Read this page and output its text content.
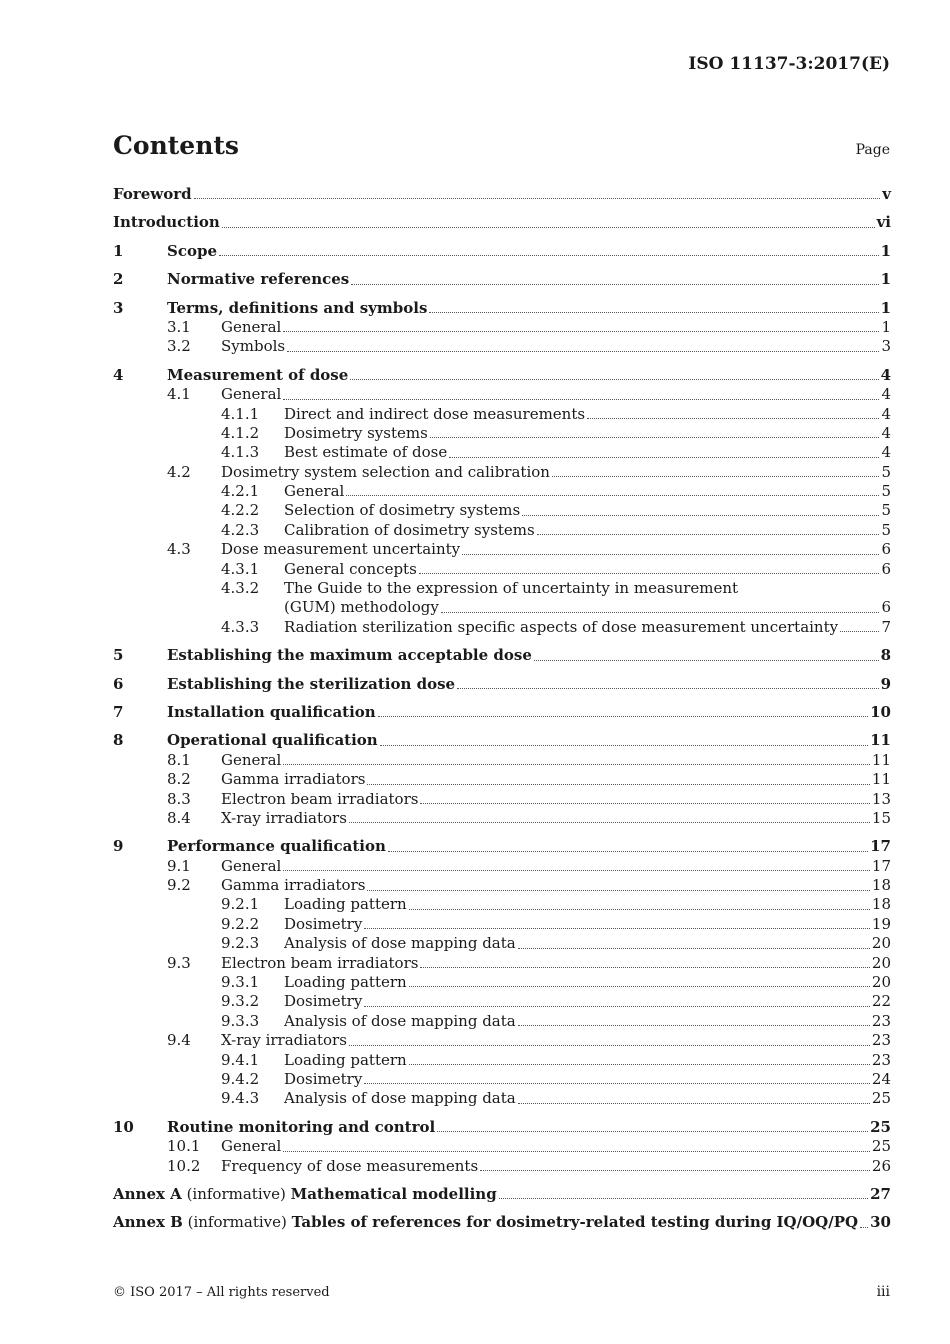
ISO 11137-3:2017(E)
Contents	Page
Foreword	v
Introduction	vi
1	Scope	1
2	Normative references	1
3	Terms, definitions and symbols	1
3.1	General	1
3.2	Symbols	3
4	Measurement of dose	4
4.1	General	4
4.1.1	Direct and indirect dose measurements	4
4.1.2	Dosimetry systems	4
4.1.3	Best estimate of dose	4
4.2	Dosimetry system selection and calibration	5
4.2.1	General	5
4.2.2	Selection of dosimetry systems	5
4.2.3	Calibration of dosimetry systems	5
4.3	Dose measurement uncertainty	6
4.3.1	General concepts	6
4.3.2	The Guide to the expression of uncertainty in measurement
(GUM) methodology	6
4.3.3	Radiation sterilization specific aspects of dose measurement uncertainty	7
5	Establishing the maximum acceptable dose	8
6	Establishing the sterilization dose	9
7	Installation qualification	10
8	Operational qualification	11
8.1	General	11
8.2	Gamma irradiators	11
8.3	Electron beam irradiators	13
8.4	X-ray irradiators	15
9	Performance qualification	17
9.1	General	17
9.2	Gamma irradiators	18
9.2.1	Loading pattern	18
9.2.2	Dosimetry	19
9.2.3	Analysis of dose mapping data	20
9.3	Electron beam irradiators	20
9.3.1	Loading pattern	20
9.3.2	Dosimetry	22
9.3.3	Analysis of dose mapping data	23
9.4	X-ray irradiators	23
9.4.1	Loading pattern	23
9.4.2	Dosimetry	24
9.4.3	Analysis of dose mapping data	25
10	Routine monitoring and control	25
10.1	General	25
10.2	Frequency of dose measurements	26
Annex A (informative) Mathematical modelling	27
Annex B (informative) Tables of references for dosimetry-related testing during IQ/OQ/PQ 30
© ISO 2017 – All rights reserved	iii
